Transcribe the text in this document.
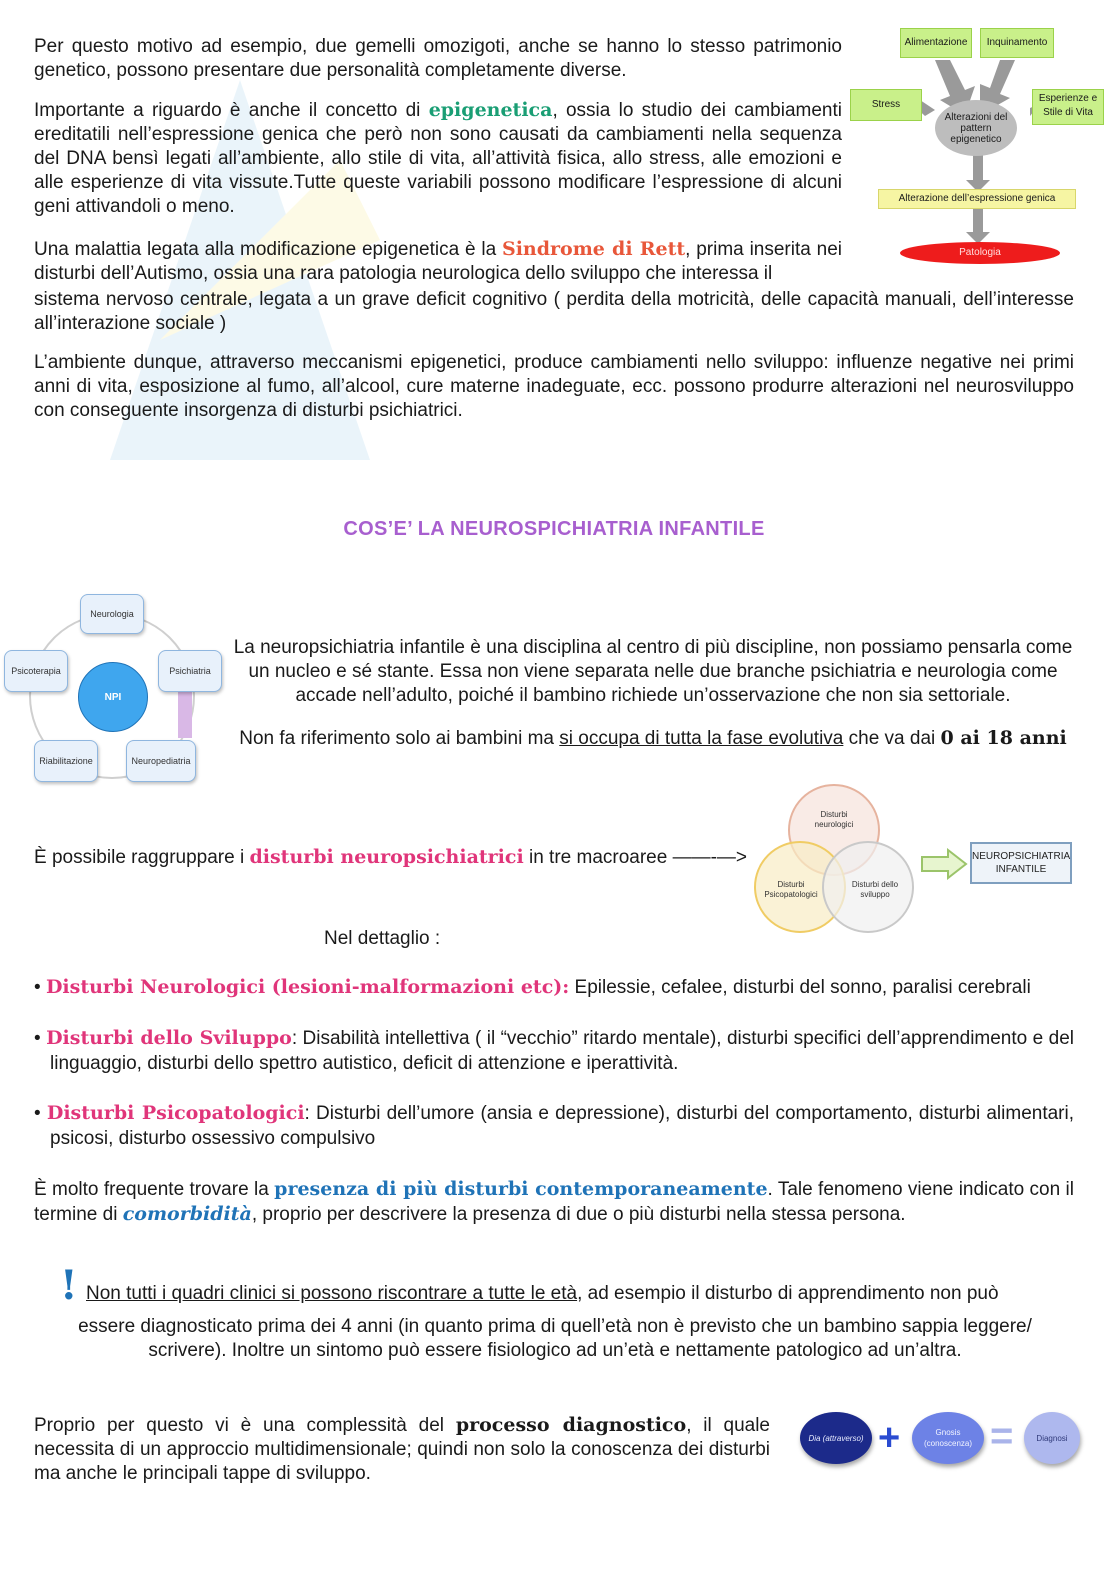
Per questo motivo ad esempio, due gemelli omozigoti, anche se hanno lo stesso patrimonio genetico, possono presentare due personalità completamente diverse.

Importante a riguardo è anche il concetto di epigenetica, ossia lo studio dei cambiamenti ereditatili nell’espressione genica che però non sono causati da cambiamenti nella sequenza del DNA bensì legati all’ambiente, allo stile di vita, all’attività fisica, allo stress, alle emozioni e alle esperienze di vita vissute.Tutte queste variabili possono modificare l’espressione di alcuni geni attivandoli o meno.

Alimentazione	Inquinamento
Stress
Esperienze e Stile di Vita
Alterazioni del pattern epigenetico
Alterazione dell’espressione genica
Patologia

Una malattia legata alla modificazione epigenetica è la Sindrome di Rett, prima inserita nei disturbi dell’Autismo, ossia una rara patologia neurologica dello sviluppo che interessa il

sistema nervoso centrale, legata a un grave deficit cognitivo ( perdita della motricità, delle capacità manuali, dell’interesse all’interazione sociale )

L’ambiente dunque, attraverso meccanismi epigenetici, produce cambiamenti nello sviluppo: influenze negative nei primi anni di vita, esposizione al fumo, all’alcool, cure materne inadeguate, ecc. possono produrre alterazioni nel neurosviluppo con conseguente insorgenza di disturbi psichiatrici.

COS’E’ LA NEUROSPICHIATRIA INFANTILE
NPI
Neurologia
Psichiatria
Neuropediatria
Riabilitazione
Psicoterapia

La neuropsichiatria infantile è una disciplina al centro di più discipline, non possiamo pensarla come un nucleo e sé stante. Essa non viene separata nelle due branche psichiatria e neurologia come accade nell’adulto, poiché il bambino richiede un’osservazione che non sia settoriale.

Non fa riferimento solo ai bambini ma si occupa di tutta la fase evolutiva che va dai 0 ai 18 anni

È possibile raggruppare i disturbi neuropsichiatrici in tre macroaree ——-—>

Disturbi neurologici
Disturbi Psicopatologici
Disturbi dello sviluppo
NEUROPSICHIATRIA INFANTILE
Nel dettaglio :
• Disturbi Neurologici (lesioni-malformazioni etc): Epilessie, cefalee, disturbi del sonno, paralisi cerebrali
• Disturbi dello Sviluppo: Disabilità intellettiva ( il “vecchio” ritardo mentale), disturbi specifici dell’apprendimento e del linguaggio, disturbi dello spettro autistico, deficit di attenzione e iperattività.
• Disturbi Psicopatologici: Disturbi dell’umore (ansia e depressione), disturbi del comportamento, disturbi alimentari, psicosi, disturbo ossessivo compulsivo

È molto frequente trovare la presenza di più disturbi contemporaneamente. Tale fenomeno viene indicato con il termine di comorbidità, proprio per descrivere la presenza di due o più disturbi nella stessa persona.

! Non tutti i quadri clinici si possono riscontrare a tutte le età, ad esempio il disturbo di apprendimento non può

essere diagnosticato prima dei 4 anni (in quanto prima di quell’età non è previsto che un bambino sappia leggere/ scrivere). Inoltre un sintomo può essere fisiologico ad un’età e nettamente patologico ad un’altra.

Proprio per questo vi è una complessità del processo diagnostico, il quale necessita di un approccio multidimensionale; quindi non solo la conoscenza dei disturbi ma anche le principali tappe di sviluppo.

Dia (attraverso) +	Gnosis (conoscenza) =	Diagnosi
